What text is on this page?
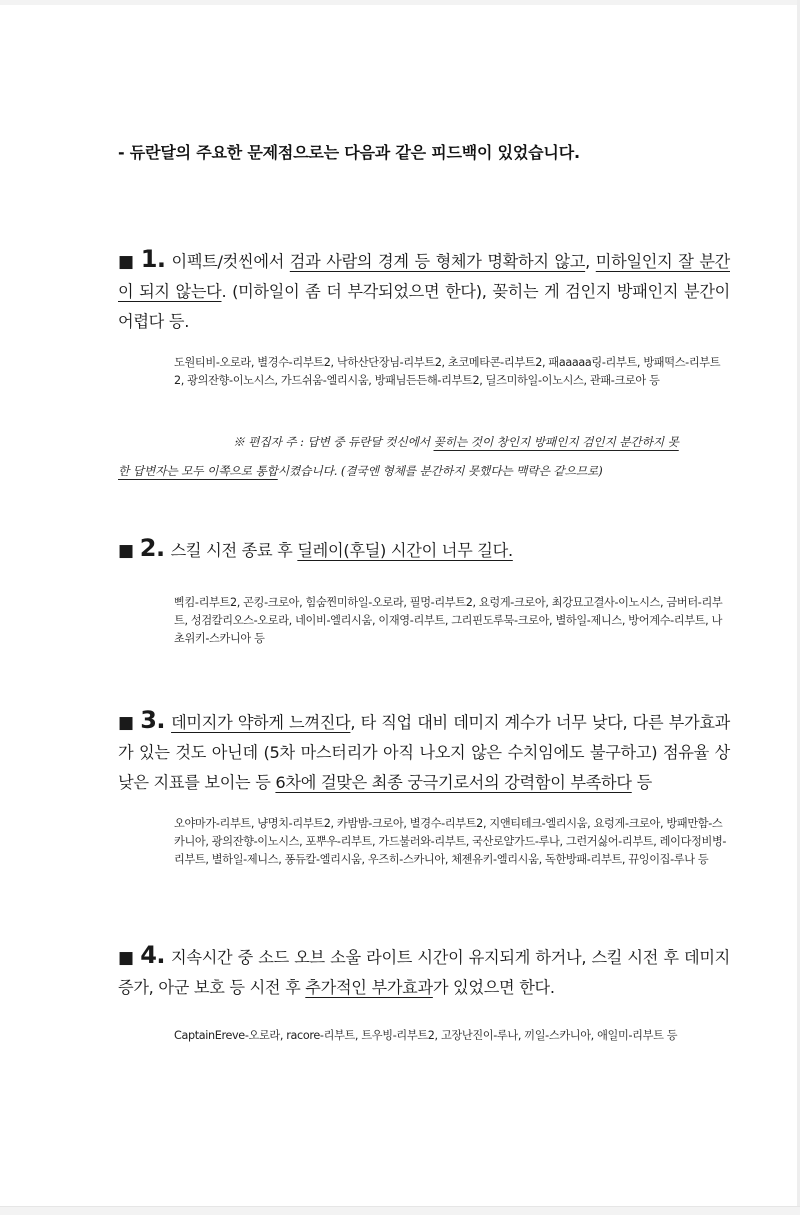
- 듀란달의 주요한 문제점으로는 다음과 같은 피드백이 있었습니다.
■ 1. 이펙트/컷씬에서 검과 사람의 경계 등 형체가 명확하지 않고, 미하일인지 잘 분간이 되지 않는다. (미하일이 좀 더 부각되었으면 한다), 꽂히는 게 검인지 방패인지 분간이 어렵다 등.
도원티비-오로라, 별경수-리부트2, 낙하산단장님-리부트2, 초코메타콘-리부트2, 패aaaaa링-리부트, 방패떡스-리부트2, 광의잔향-이노시스, 가드쉬움-엘리시움, 방패님든든해-리부트2, 딜즈미하일-이노시스, 관패-크로아 등
※ 편집자 주 : 답변 중 듀란달 컷신에서 꽂히는 것이 창인지 방패인지 검인지 분간하지 못
한 답변자는 모두 이쪽으로 통합시켰습니다. (결국엔 형체를 분간하지 못했다는 맥락은 같으므로)
■ 2. 스킬 시전 종료 후 딜레이(후딜) 시간이 너무 길다.
삑킴-리부트2, 곤킹-크로아, 힘숨찐미하일-오로라, 필멍-리부트2, 요렁게-크로아, 최강묘고결사-이노시스, 금버터-리부트, 성검칼리오스-오로라, 네이비-엘리시움, 이재영-리부트, 그리핀도루묵-크로아, 별하일-제니스, 방어계수-리부트, 나초위키-스카니아 등
■ 3. 데미지가 약하게 느껴진다, 타 직업 대비 데미지 계수가 너무 낮다, 다른 부가효과가 있는 것도 아닌데 (5차 마스터리가 아직 나오지 않은 수치임에도 불구하고) 점유율 상 낮은 지표를 보이는 등 6차에 걸맞은 최종 궁극기로서의 강력함이 부족하다 등
오야마가-리부트, 냥명치-리부트2, 카밤밤-크로아, 별경수-리부트2, 지앤티테크-엘리시움, 요렁게-크로아, 방패만함-스카니아, 광의잔향-이노시스, 포뿌우-리부트, 가드불러와-리부트, 국산로얄가드-루나, 그런거싫어-리부트, 레이다정비병-리부트, 별하일-제니스, 퐁듀칼-엘리시움, 우즈히-스카니아, 체젠유키-엘리시움, 독한방패-리부트, 뀨잉이집-루나 등
■ 4. 지속시간 중 소드 오브 소울 라이트 시간이 유지되게 하거나, 스킬 시전 후 데미지 증가, 아군 보호 등 시전 후 추가적인 부가효과가 있었으면 한다.
CaptainEreve-오로라, racore-리부트, 트우빙-리부트2, 고장난진이-루나, 끼일-스카니아, 애일미-리부트 등
